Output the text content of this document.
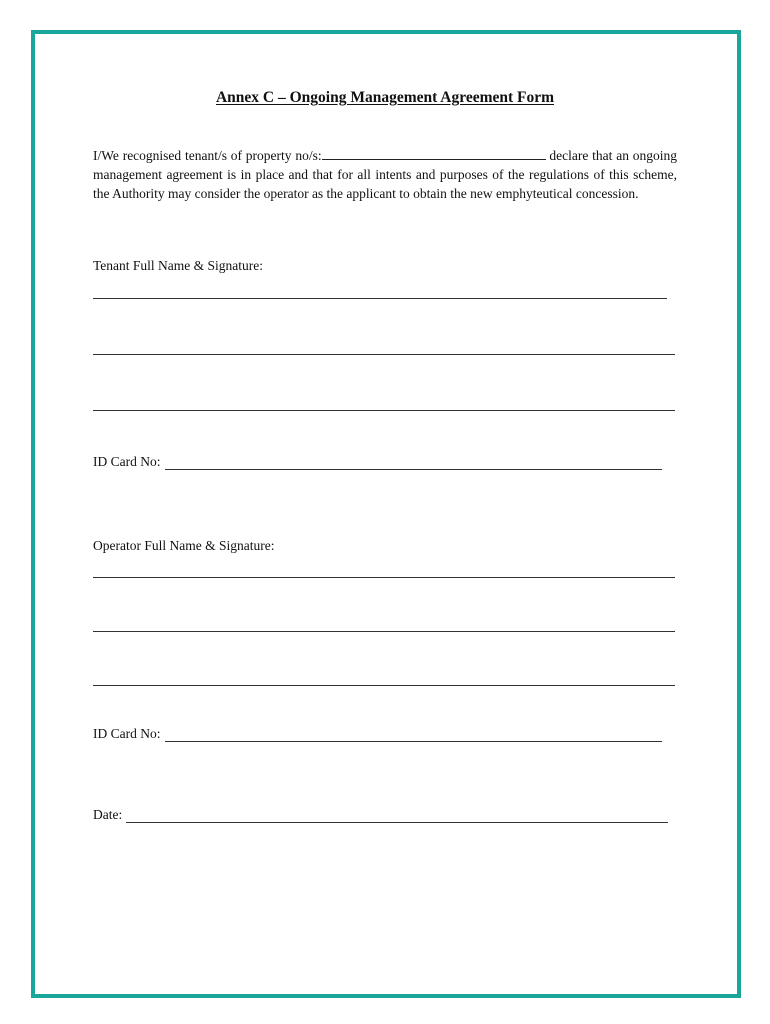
Annex C – Ongoing Management Agreement Form
I/We recognised tenant/s of property no/s:	declare that an ongoing management agreement is in place and that for all intents and purposes of the regulations of this scheme, the Authority may consider the operator as the applicant to obtain the new emphyteutical concession.
Tenant Full Name & Signature:
ID Card No:
Operator Full Name & Signature:
ID Card No:
Date:
